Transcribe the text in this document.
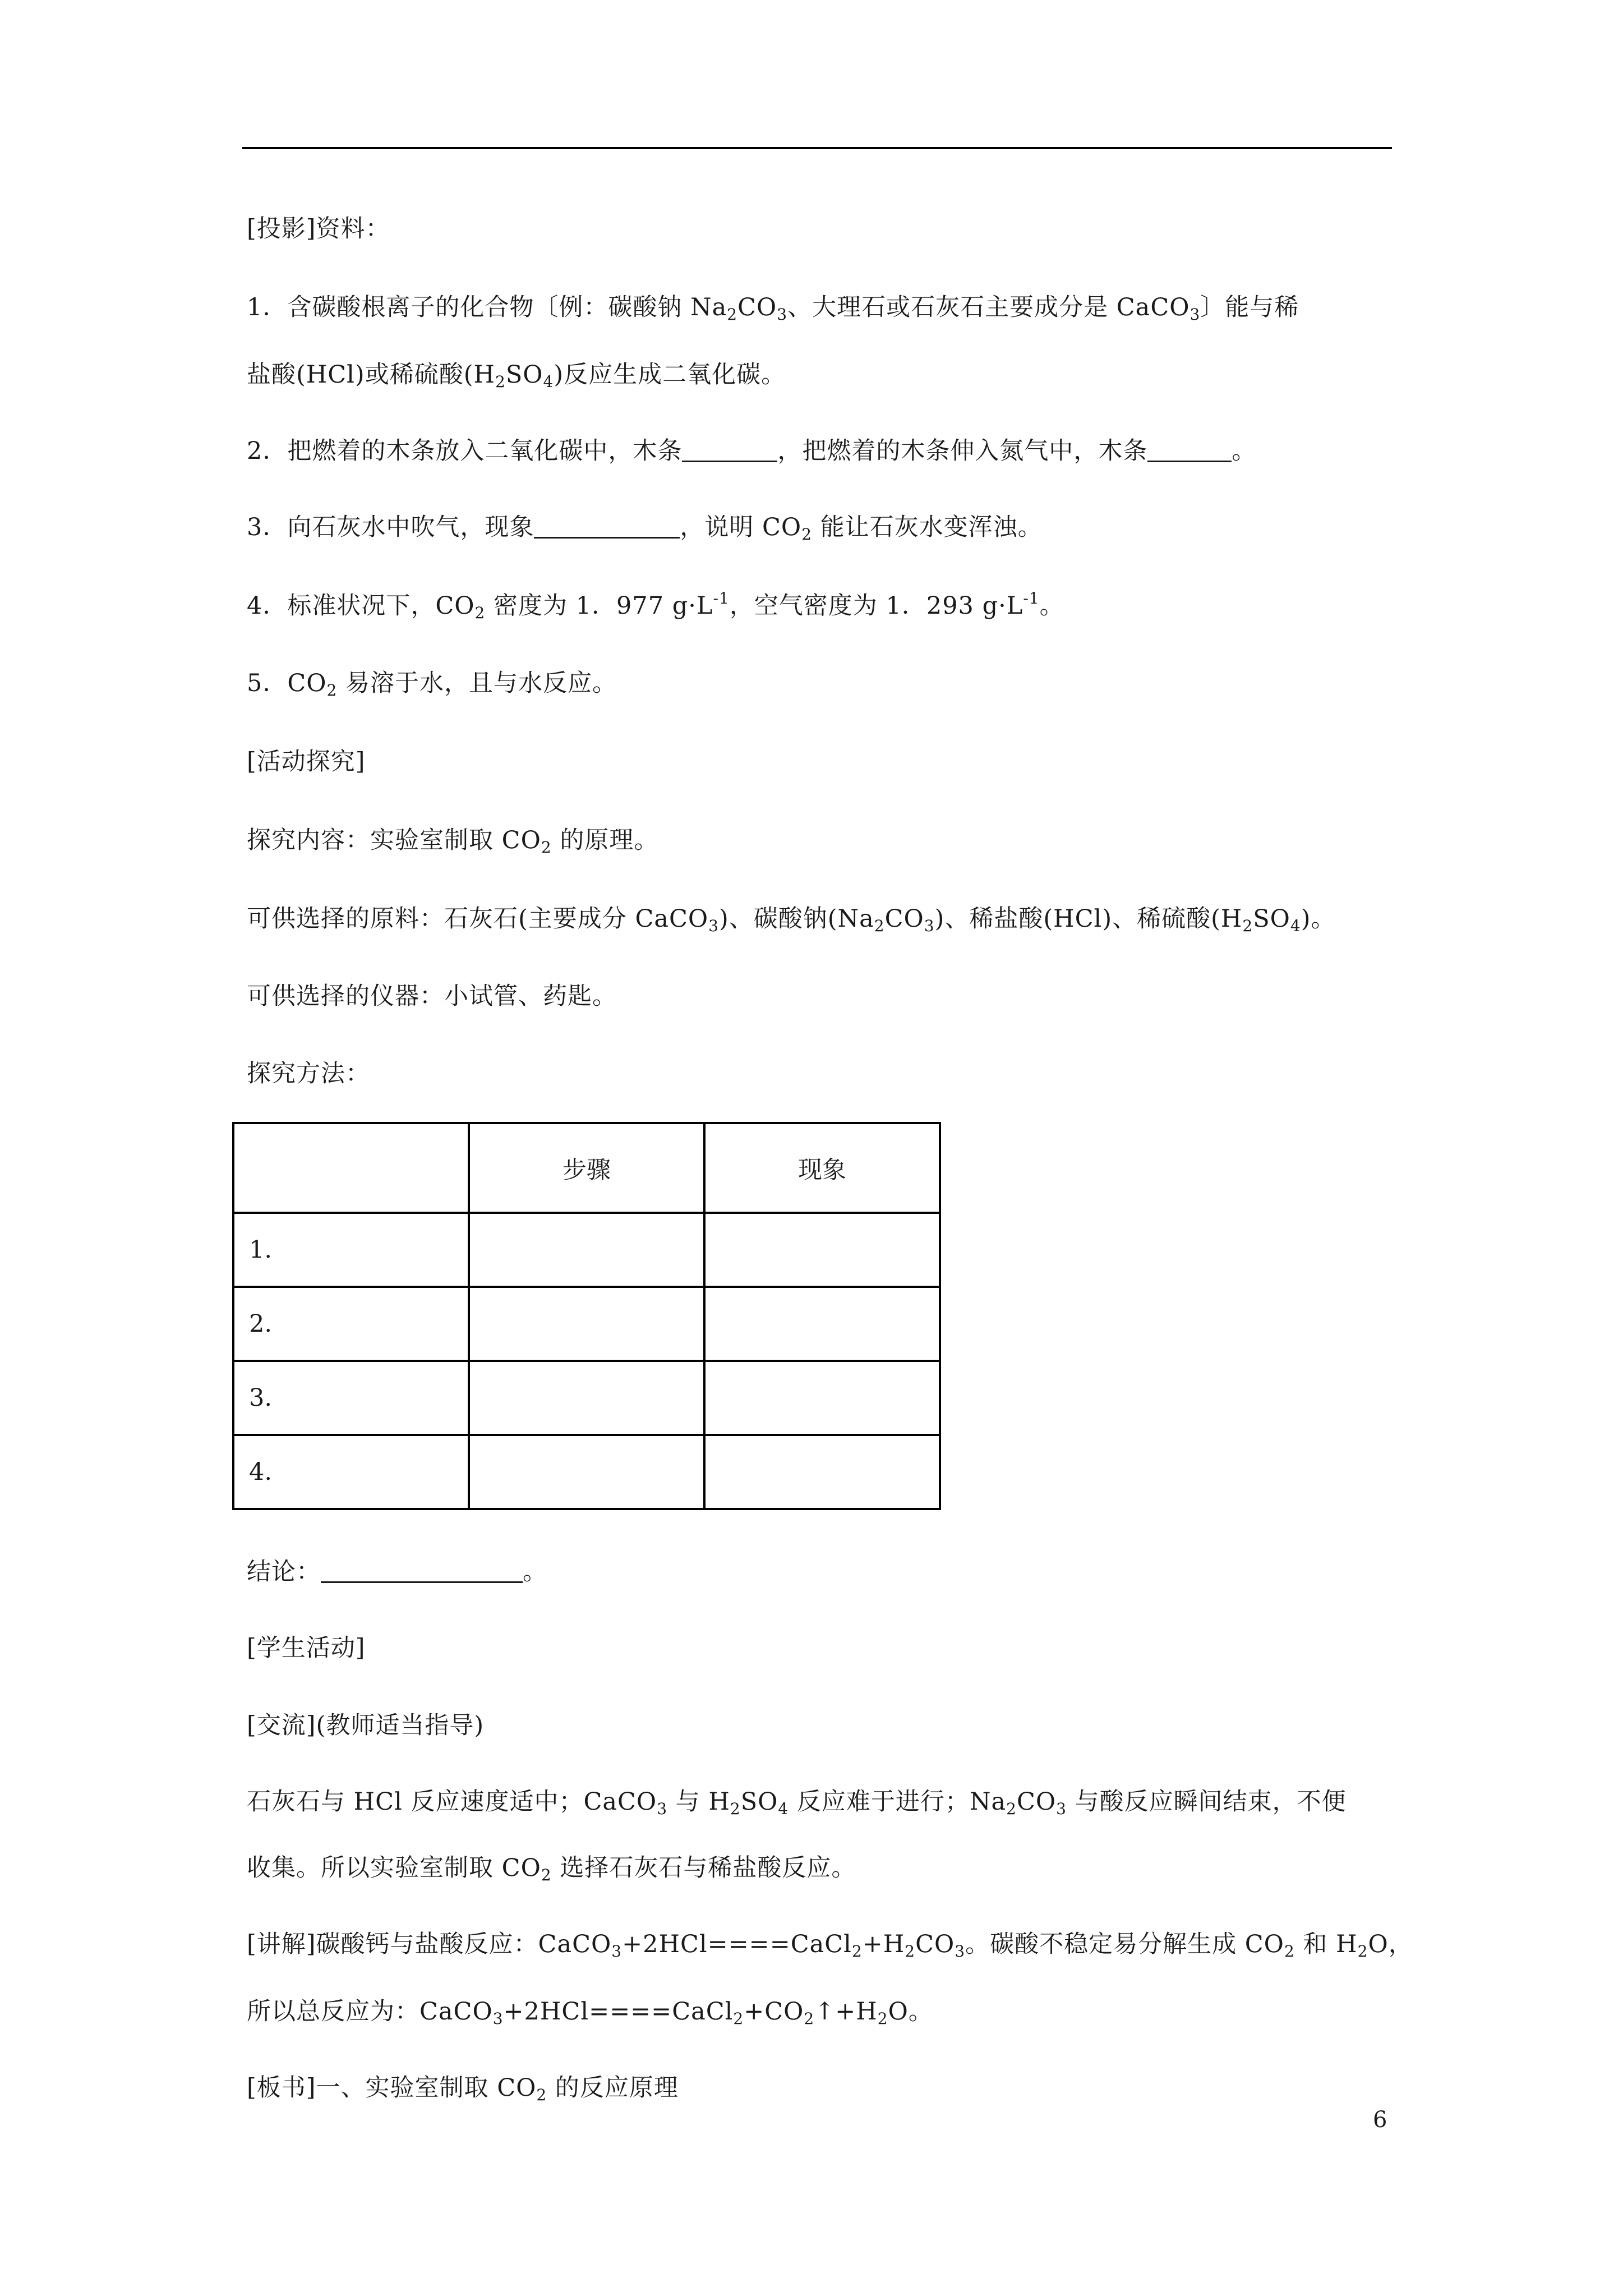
[投影]资料：
1．含碳酸根离子的化合物〔例：碳酸钠 $Na_2CO_3$、大理石或石灰石主要成分是 CaCO$_3$〕能与稀
盐酸(HCl)或稀硫酸$(H_2SO_4)$反应生成二氧化碳。
2．把燃着的木条放入二氧化碳中，木条	，把燃着的木条伸入氮气中，木条	。
3．向石灰水中吹气，现象	，说明 $CO_2$ 能让石灰水变浑浊。
4．标准状况下，$CO_2$ 密度为 1．977 $g\cdot L^{-1}$，空气密度为 1．293 $g\cdot L^{-1}$。
5．$CO_2$ 易溶于水，且与水反应。
[活动探究]
探究内容：实验室制取 $CO_2$ 的原理。
可供选择的原料：石灰石(主要成分 CaCO$_3$)、碳酸钠$(Na_2CO_3)$、稀盐酸(HCl)、稀硫酸$(H_2SO_4)$。
可供选择的仪器：小试管、药匙。
探究方法：
	步骤	现象
1.		
2.		
3.		
4.		
结论：	。
[学生活动]
[交流](教师适当指导)
石灰石与 HCl 反应速度适中；CaCO$_3$ 与 $H_2SO_4$ 反应难于进行；$Na_2CO_3$ 与酸反应瞬间结束，不便
收集。所以实验室制取 $CO_2$ 选择石灰石与稀盐酸反应。
[讲解]碳酸钙与盐酸反应：$CaCO_3+2HCl====CaCl_2+H_2CO_3$。碳酸不稳定易分解生成 $CO_2$ 和 $H_2O$，
所以总反应为：$CaCO_3+2HCl====CaCl_2+CO_2↑+H_2O$。
[板书]一、实验室制取 $CO_2$ 的反应原理
6
